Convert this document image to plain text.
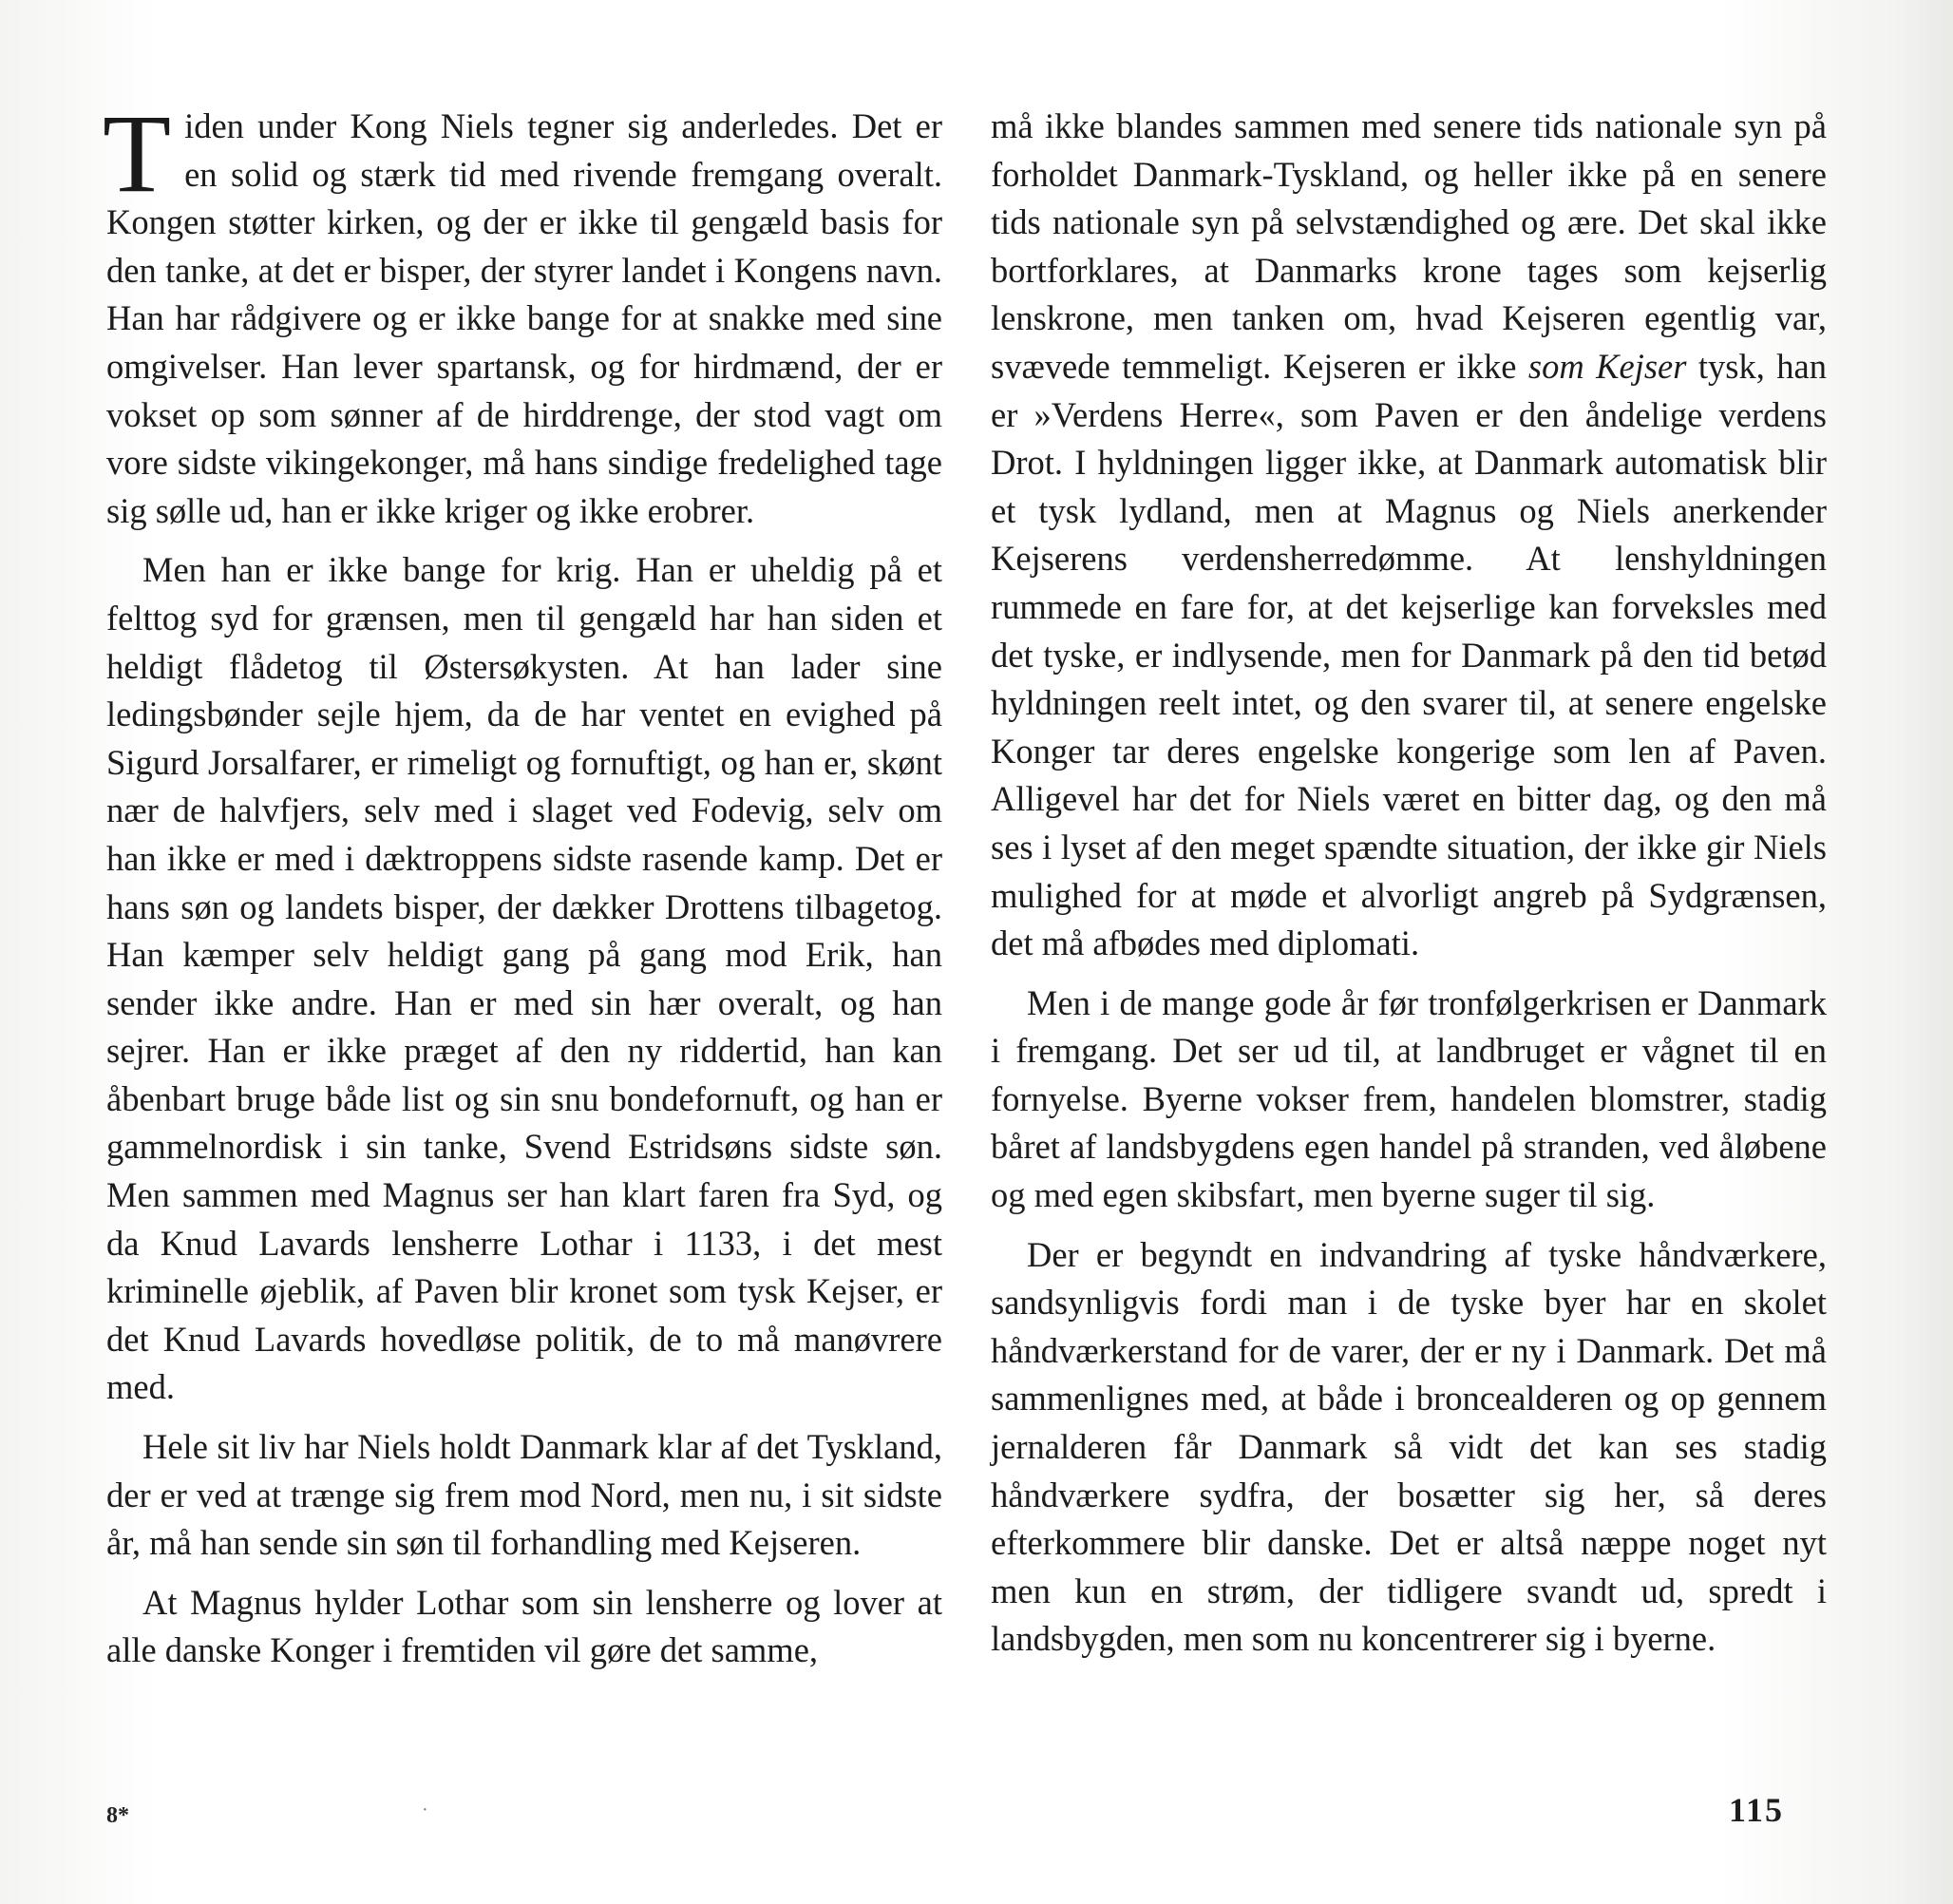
Tiden under Kong Niels tegner sig anderledes. Det er en solid og stærk tid med rivende fremgang overalt. Kongen støtter kirken, og der er ikke til gengæld basis for den tanke, at det er bisper, der styrer landet i Kongens navn. Han har rådgivere og er ikke bange for at snakke med sine omgivelser. Han lever spartansk, og for hirdmænd, der er vokset op som sønner af de hirddrenge, der stod vagt om vore sidste vikingekonger, må hans sindige fredelighed tage sig sølle ud, han er ikke kriger og ikke erobrer.

Men han er ikke bange for krig. Han er uheldig på et felttog syd for grænsen, men til gengæld har han siden et heldigt flådetog til Østersøkysten. At han lader sine ledingsbønder sejle hjem, da de har ventet en evighed på Sigurd Jorsalfarer, er rimeligt og fornuftigt, og han er, skønt nær de halvfjers, selv med i slaget ved Fodevig, selv om han ikke er med i dæktroppens sidste rasende kamp. Det er hans søn og landets bisper, der dækker Drottens tilbagetog. Han kæmper selv heldigt gang på gang mod Erik, han sender ikke andre. Han er med sin hær overalt, og han sejrer. Han er ikke præget af den ny riddertid, han kan åbenbart bruge både list og sin snu bondefornuft, og han er gammelnordisk i sin tanke, Svend Estridsøns sidste søn. Men sammen med Magnus ser han klart faren fra Syd, og da Knud Lavards lensherre Lothar i 1133, i det mest kriminelle øjeblik, af Paven blir kronet som tysk Kejser, er det Knud Lavards hovedløse politik, de to må manøvrere med.

Hele sit liv har Niels holdt Danmark klar af det Tyskland, der er ved at trænge sig frem mod Nord, men nu, i sit sidste år, må han sende sin søn til forhandling med Kejseren.

At Magnus hylder Lothar som sin lensherre og lover at alle danske Konger i fremtiden vil gøre det samme,

må ikke blandes sammen med senere tids nationale syn på forholdet Danmark-Tyskland, og heller ikke på en senere tids nationale syn på selvstændighed og ære. Det skal ikke bortforklares, at Danmarks krone tages som kejserlig lenskrone, men tanken om, hvad Kejseren egentlig var, svævede temmeligt. Kejseren er ikke som Kejser tysk, han er »Verdens Herre«, som Paven er den åndelige verdens Drot. I hyldningen ligger ikke, at Danmark automatisk blir et tysk lydland, men at Magnus og Niels anerkender Kejserens verdensherredømme. At lenshyldningen rummede en fare for, at det kejserlige kan forveksles med det tyske, er indlysende, men for Danmark på den tid betød hyldningen reelt intet, og den svarer til, at senere engelske Konger tar deres engelske kongerige som len af Paven. Alligevel har det for Niels været en bitter dag, og den må ses i lyset af den meget spændte situation, der ikke gir Niels mulighed for at møde et alvorligt angreb på Sydgrænsen, det må afbødes med diplomati.

Men i de mange gode år før tronfølgerkrisen er Danmark i fremgang. Det ser ud til, at landbruget er vågnet til en fornyelse. Byerne vokser frem, handelen blomstrer, stadig båret af landsbygdens egen handel på stranden, ved åløbene og med egen skibsfart, men byerne suger til sig.

Der er begyndt en indvandring af tyske håndværkere, sandsynligvis fordi man i de tyske byer har en skolet håndværkerstand for de varer, der er ny i Danmark. Det må sammenlignes med, at både i broncealderen og op gennem jernalderen får Danmark så vidt det kan ses stadig håndværkere sydfra, der bosætter sig her, så deres efterkommere blir danske. Det er altså næppe noget nyt men kun en strøm, der tidligere svandt ud, spredt i landsbygden, men som nu koncentrerer sig i byerne.

8*	·	115
